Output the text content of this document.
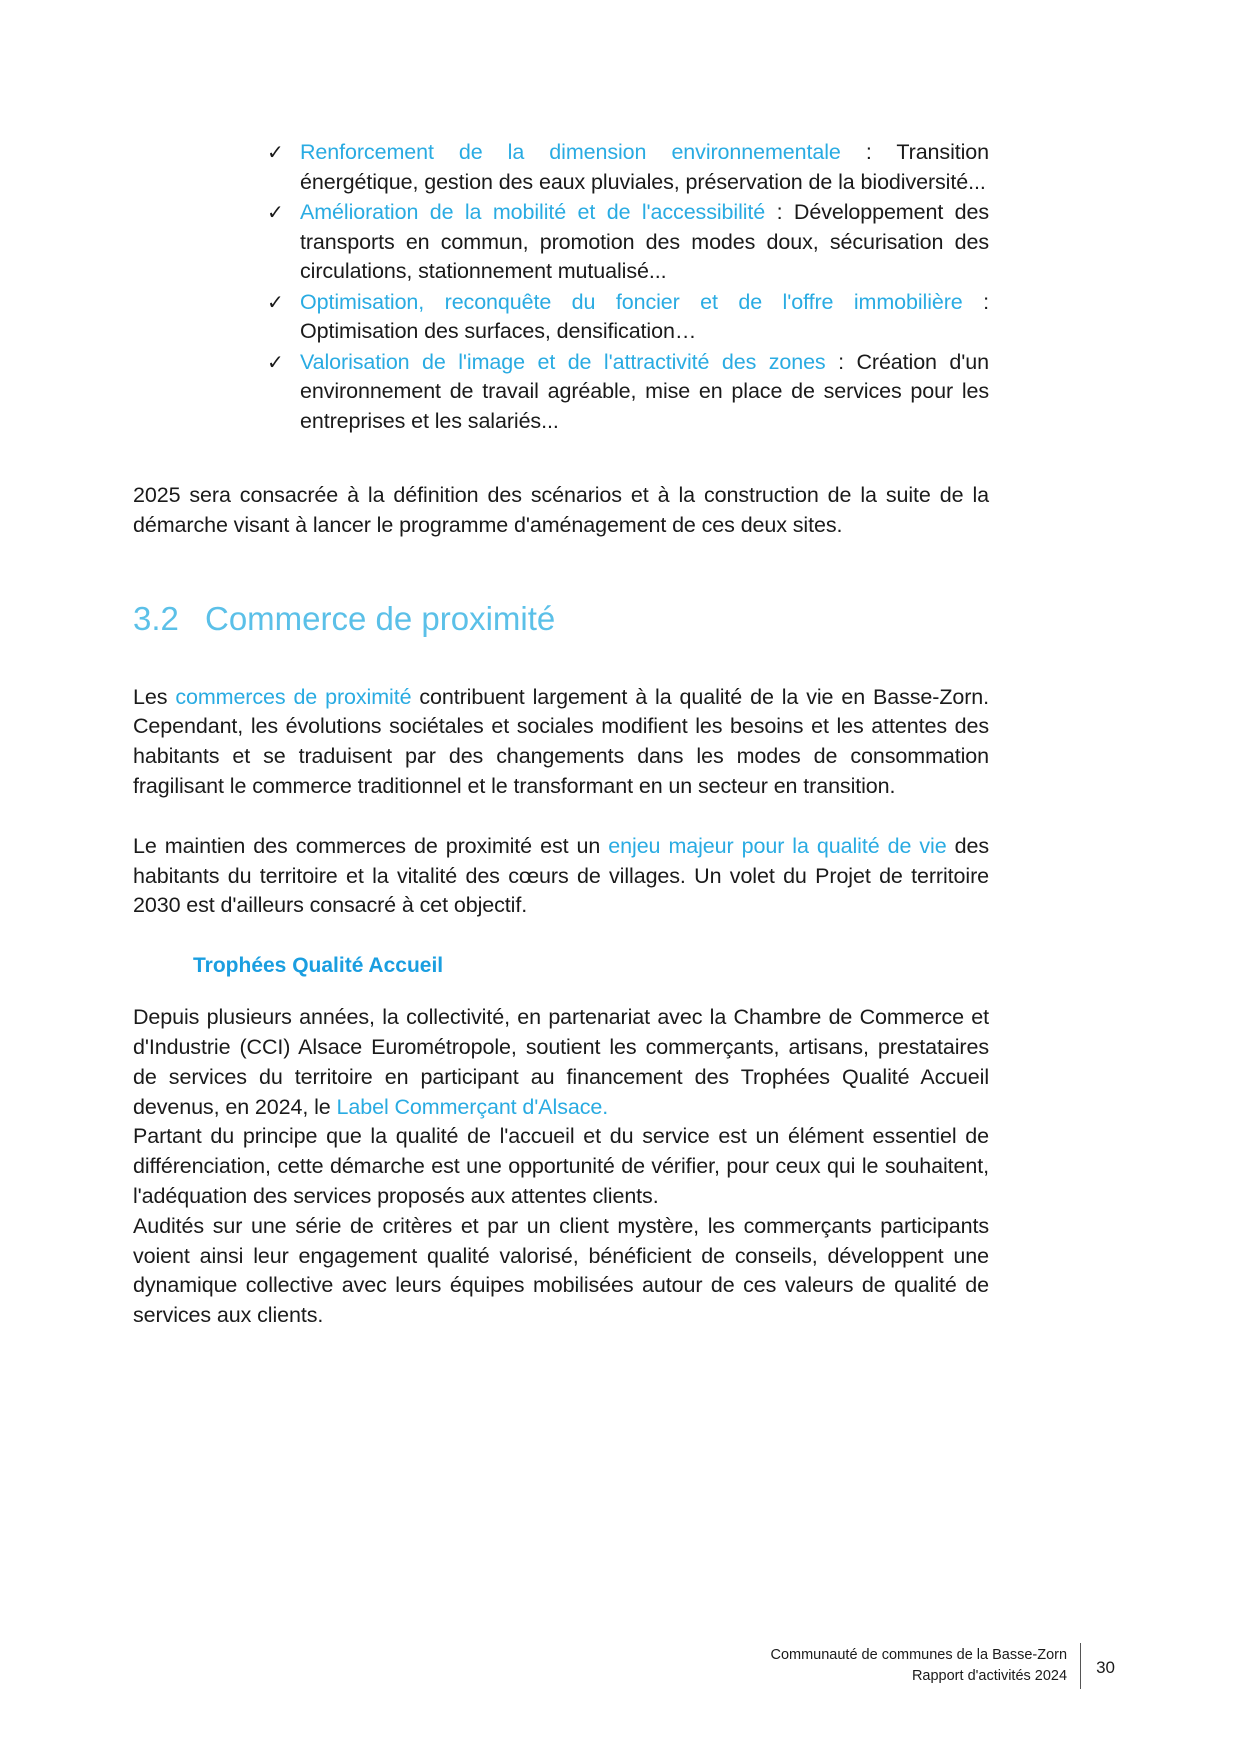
✓ Renforcement de la dimension environnementale : Transition énergétique, gestion des eaux pluviales, préservation de la biodiversité...

✓ Amélioration de la mobilité et de l'accessibilité : Développement des transports en commun, promotion des modes doux, sécurisation des circulations, stationnement mutualisé...

✓ Optimisation, reconquête du foncier et de l'offre immobilière : Optimisation des surfaces, densification…

✓ Valorisation de l'image et de l'attractivité des zones : Création d'un environnement de travail agréable, mise en place de services pour les entreprises et les salariés...

2025 sera consacrée à la définition des scénarios et à la construction de la suite de la démarche visant à lancer le programme d'aménagement de ces deux sites.

3.2 Commerce de proximité

Les commerces de proximité contribuent largement à la qualité de la vie en Basse-Zorn. Cependant, les évolutions sociétales et sociales modifient les besoins et les attentes des habitants et se traduisent par des changements dans les modes de consommation fragilisant le commerce traditionnel et le transformant en un secteur en transition.

Le maintien des commerces de proximité est un enjeu majeur pour la qualité de vie des habitants du territoire et la vitalité des cœurs de villages. Un volet du Projet de territoire 2030 est d'ailleurs consacré à cet objectif.

Trophées Qualité Accueil

Depuis plusieurs années, la collectivité, en partenariat avec la Chambre de Commerce et d'Industrie (CCI) Alsace Eurométropole, soutient les commerçants, artisans, prestataires de services du territoire en participant au financement des Trophées Qualité Accueil devenus, en 2024, le Label Commerçant d'Alsace.

Partant du principe que la qualité de l'accueil et du service est un élément essentiel de différenciation, cette démarche est une opportunité de vérifier, pour ceux qui le souhaitent, l'adéquation des services proposés aux attentes clients.

Audités sur une série de critères et par un client mystère, les commerçants participants voient ainsi leur engagement qualité valorisé, bénéficient de conseils, développent une dynamique collective avec leurs équipes mobilisées autour de ces valeurs de qualité de services aux clients.

Communauté de communes de la Basse-Zorn
Rapport d'activités 2024	30
